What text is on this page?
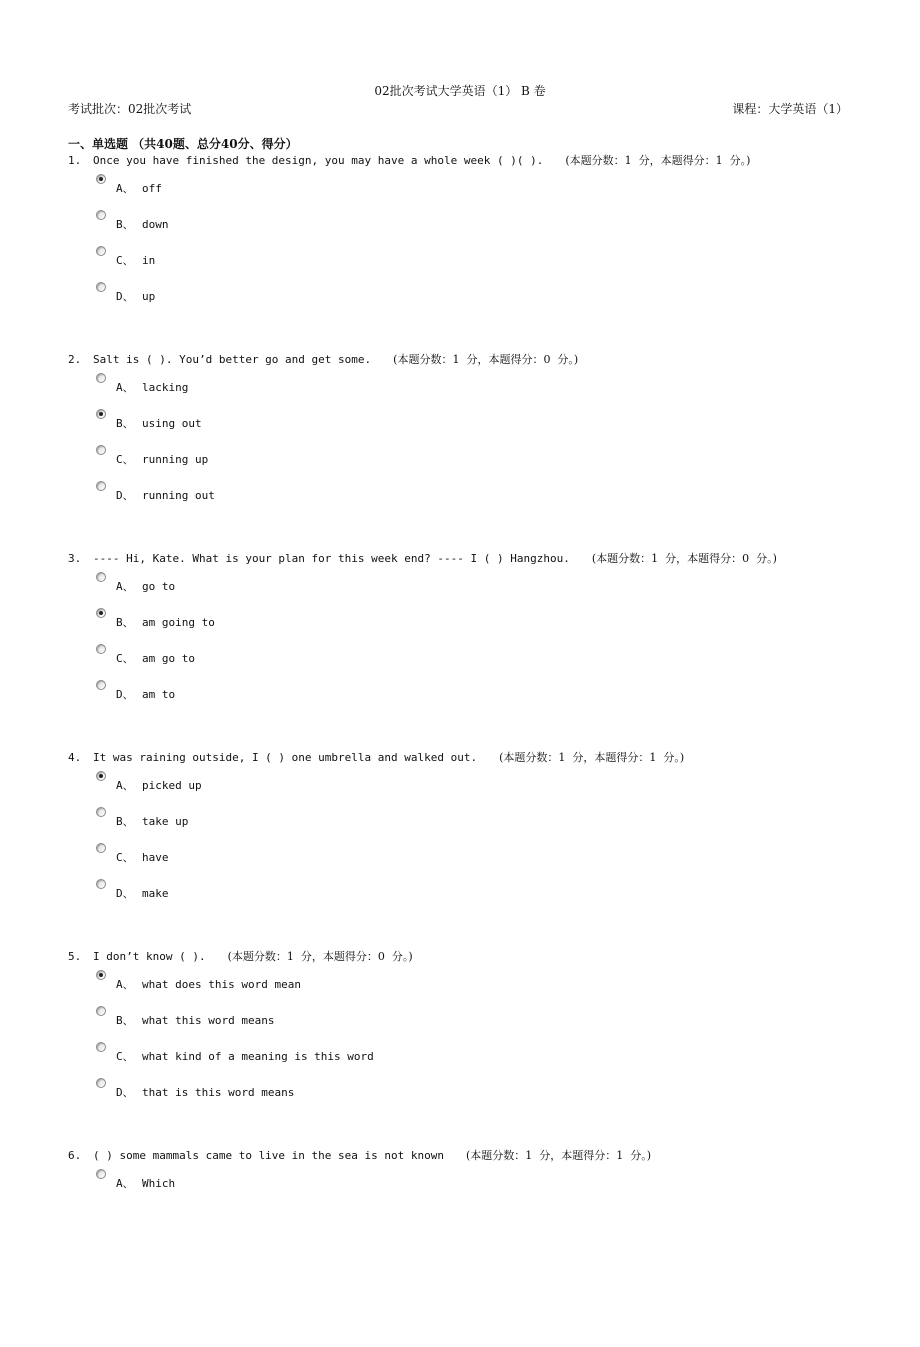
02批次考试大学英语（1） B 卷
考试批次：02批次考试	课程：大学英语（1）
一、单选题 （共40题、总分40分、得分）
1. Once you have finished the design, you may have a whole week ( )( ). (本题分数：1  分，本题得分：1  分。)
A、 off
B、 down
C、 in
D、 up
2. Salt is ( ). You’d better go and get some. (本题分数：1  分，本题得分：0  分。)
A、 lacking
B、 using out
C、 running up
D、 running out
3. ---- Hi, Kate. What is your plan for this week end? ---- I ( ) Hangzhou. (本题分数：1  分，本题得分：0  分。)
A、 go to
B、 am going to
C、 am go to
D、 am to
4. It was raining outside, I ( ) one umbrella and walked out. (本题分数：1  分，本题得分：1  分。)
A、 picked up
B、 take up
C、 have
D、 make
5. I don’t know ( ). (本题分数：1  分，本题得分：0  分。)
A、 what does this word mean
B、 what this word means
C、 what kind of a meaning is this word
D、 that is this word means
6. ( ) some mammals came to live in the sea is not known (本题分数：1  分，本题得分：1  分。)
A、 Which
